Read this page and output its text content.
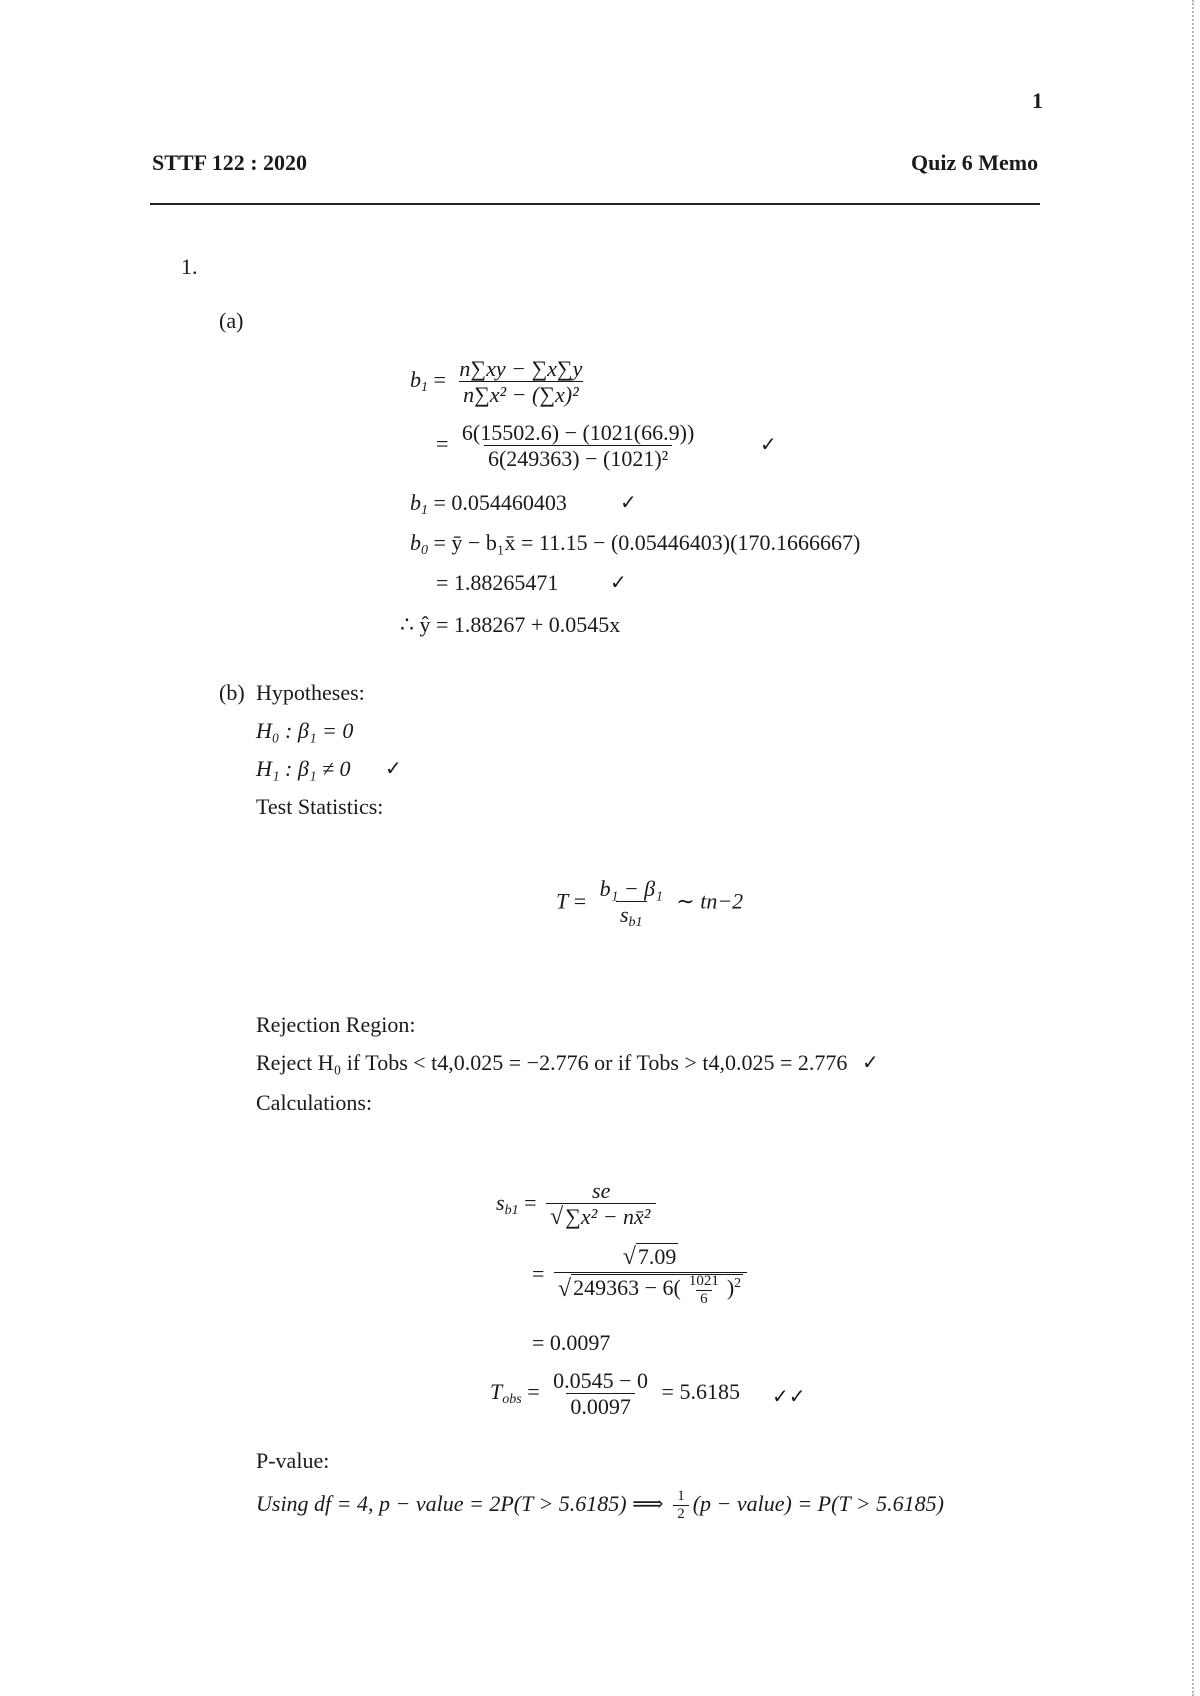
1
STTF 122 : 2020	Quiz 6 Memo
1.
(a)
$b_1 = \frac{n\sum xy - \sum x\sum y}{\text{n∑x² − (∑x)²}}$
= $\frac{6(15502.6) - (1021(66.9))}{\text{6(249363) − (1021)²}}$	✓
$b_1 = 0.054460403$	✓
$b_0$ = ȳ − b₁x̄ = 11.15 − (0.05446403)(170.1666667)
= 1.88265471	✓
∴ ŷ = 1.88267 + 0.0545x
(b) Hypotheses:
H₀ : β₁ = 0
H₁ : β₁ ≠ 0 ✓
Test Statistics:
$T = \frac{\text{b₁ − β₁}}{s_{b1}}$ ∼ tn−2
Rejection Region:
Reject H₀ if Tobs < t4,0.025 = −2.776 or if Tobs > t4,0.025 = 2.776 ✓
Calculations:
$s_{b1} = \frac{se}{\text{√∑x² − nx̄²}}$
= $\frac{√7.09}{√249363 - 6( \frac{1021}{6} )^2}$
= 0.0097
$T_{obs} = \frac{0.0545 - 0}{0.0097} = 5.6185$ ✓✓
P-value:
Using df = 4, p − value = 2P(T > 5.6185) ⟹ $\frac{1}{2} (p$ − value) = P(T > 5.6185)
